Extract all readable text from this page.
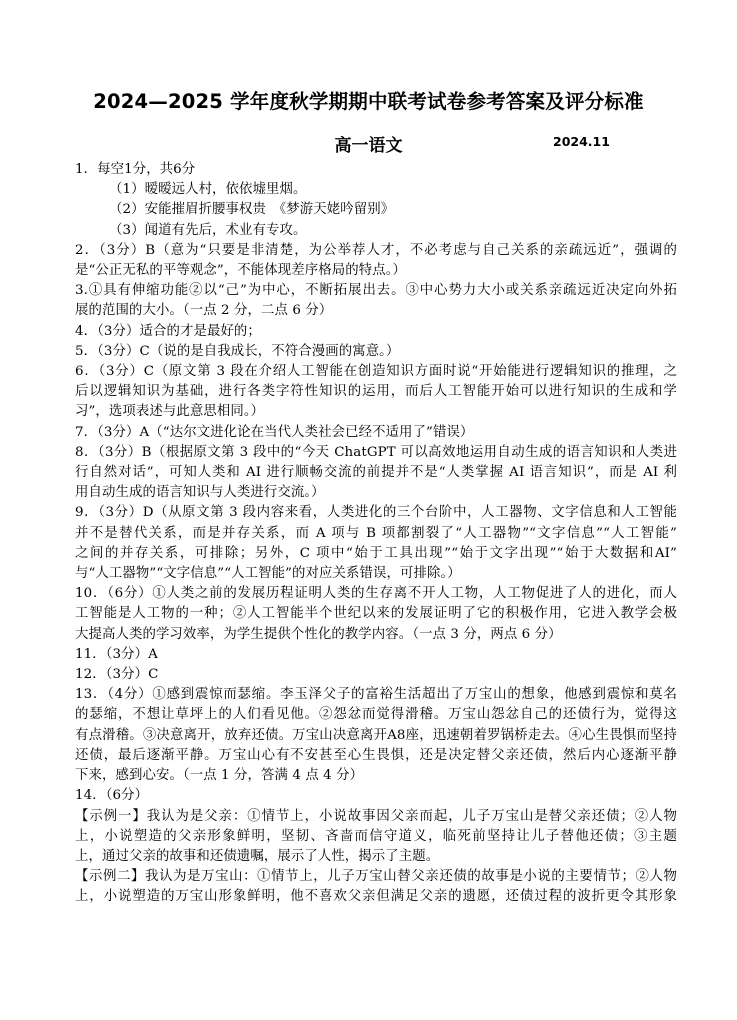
2024—2025 学年度秋学期期中联考试卷参考答案及评分标准
高一语文	2024.11
1．每空1分，共6分
（1）暧暧远人村，依依墟里烟。
（2）安能摧眉折腰事权贵　《梦游天姥吟留别》
（3）闻道有先后，术业有专攻。
2．（3分）B（意为“只要是非清楚，为公举荐人才，不必考虑与自己关系的亲疏远近”，强调的
是“公正无私的平等观念”，不能体现差序格局的特点。）
3.①具有伸缩功能②以“己”为中心，不断拓展出去。③中心势力大小或关系亲疏远近决定向外拓
展的范围的大小。（一点 2 分，二点 6 分）
4．（3分）适合的才是最好的；
5．（3分）C（说的是自我成长，不符合漫画的寓意。）
6．（3分）C（原文第 3 段在介绍人工智能在创造知识方面时说“开始能进行逻辑知识的推理，之
后以逻辑知识为基础，进行各类字符性知识的运用，而后人工智能开始可以进行知识的生成和学
习”，选项表述与此意思相同。）
7．（3分）A（“达尔文进化论在当代人类社会已经不适用了”错误）
8．（3分）B（根据原文第 3 段中的“今天 ChatGPT 可以高效地运用自动生成的语言知识和人类进
行自然对话”，可知人类和 AI 进行顺畅交流的前提并不是“人类掌握 AI 语言知识”，而是 AI 利
用自动生成的语言知识与人类进行交流。）
9．（3分）D（从原文第 3 段内容来看，人类进化的三个台阶中，人工器物、文字信息和人工智能
并不是替代关系，而是并存关系，而 A 项与 B 项都割裂了“人工器物”“文字信息”“人工智能”
之间的并存关系，可排除；另外，C 项中“始于工具出现”“始于文字出现”“始于大数据和AI”
与“人工器物”“文字信息”“人工智能”的对应关系错误，可排除。）
10．（6分）①人类之前的发展历程证明人类的生存离不开人工物，人工物促进了人的进化，而人
工智能是人工物的一种；②人工智能半个世纪以来的发展证明了它的积极作用，它进入教学会极
大提高人类的学习效率，为学生提供个性化的教学内容。（一点 3 分，两点 6 分）
11．（3分）A
12．（3分）C
13．（4分）①感到震惊而瑟缩。李玉泽父子的富裕生活超出了万宝山的想象，他感到震惊和莫名
的瑟缩，不想让草坪上的人们看见他。②怨忿而觉得滑稽。万宝山怨忿自己的还债行为，觉得这
有点滑稽。③决意离开，放弃还债。万宝山决意离开A8座，迅速朝着罗锅桥走去。④心生畏惧而坚持
还债，最后逐渐平静。万宝山心有不安甚至心生畏惧，还是决定替父亲还债，然后内心逐渐平静
下来，感到心安。（一点 1 分，答满 4 点 4 分）
14．（6分）
【示例一】我认为是父亲：①情节上，小说故事因父亲而起，儿子万宝山是替父亲还债；②人物
上，小说塑造的父亲形象鲜明，坚韧、吝啬而信守道义，临死前坚持让儿子替他还债；③主题
上，通过父亲的故事和还债遗嘱，展示了人性，揭示了主题。
【示例二】我认为是万宝山：①情节上，儿子万宝山替父亲还债的故事是小说的主要情节；②人物
上，小说塑造的万宝山形象鲜明，他不喜欢父亲但满足父亲的遗愿，还债过程的波折更令其形象
